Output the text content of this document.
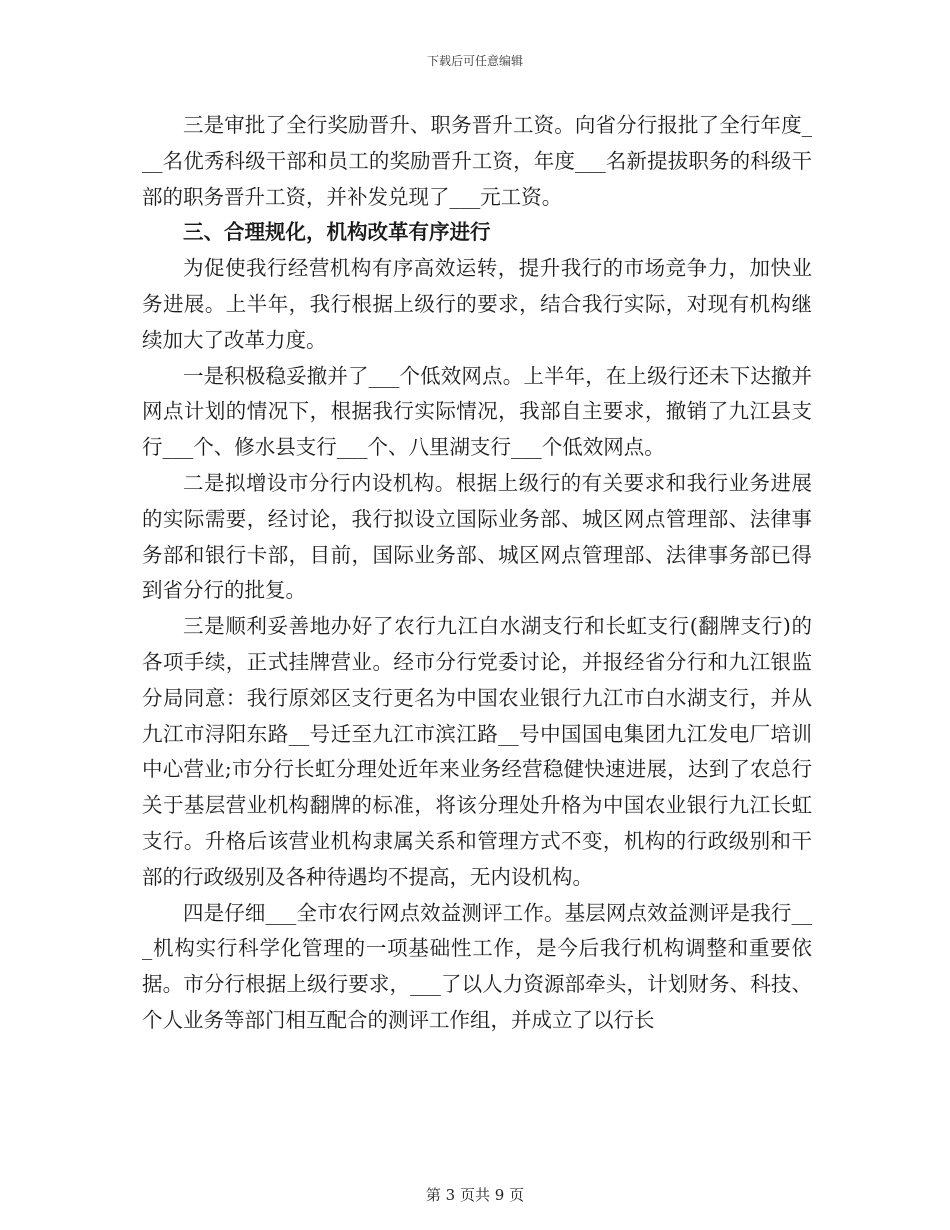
下载后可任意编辑

三是审批了全行奖励晋升、职务晋升工资。向省分行报批了全行年度___名优秀科级干部和员工的奖励晋升工资，年度___名新提拔职务的科级干部的职务晋升工资，并补发兑现了___元工资。

三、合理规化，机构改革有序进行

为促使我行经营机构有序高效运转，提升我行的市场竞争力，加快业务进展。上半年，我行根据上级行的要求，结合我行实际，对现有机构继续加大了改革力度。

一是积极稳妥撤并了___个低效网点。上半年，在上级行还未下达撤并网点计划的情况下，根据我行实际情况，我部自主要求，撤销了九江县支行___个、修水县支行___个、八里湖支行___个低效网点。

二是拟增设市分行内设机构。根据上级行的有关要求和我行业务进展的实际需要，经讨论，我行拟设立国际业务部、城区网点管理部、法律事务部和银行卡部，目前，国际业务部、城区网点管理部、法律事务部已得到省分行的批复。

三是顺利妥善地办好了农行九江白水湖支行和长虹支行(翻牌支行)的各项手续，正式挂牌营业。经市分行党委讨论，并报经省分行和九江银监分局同意：我行原郊区支行更名为中国农业银行九江市白水湖支行，并从九江市浔阳东路__号迁至九江市滨江路__号中国国电集团九江发电厂培训中心营业;市分行长虹分理处近年来业务经营稳健快速进展，达到了农总行关于基层营业机构翻牌的标准，将该分理处升格为中国农业银行九江长虹支行。升格后该营业机构隶属关系和管理方式不变，机构的行政级别和干部的行政级别及各种待遇均不提高，无内设机构。

四是仔细___全市农行网点效益测评工作。基层网点效益测评是我行___机构实行科学化管理的一项基础性工作，是今后我行机构调整和重要依据。市分行根据上级行要求，___了以人力资源部牵头，计划财务、科技、个人业务等部门相互配合的测评工作组，并成立了以行长

第 3 页共 9 页
